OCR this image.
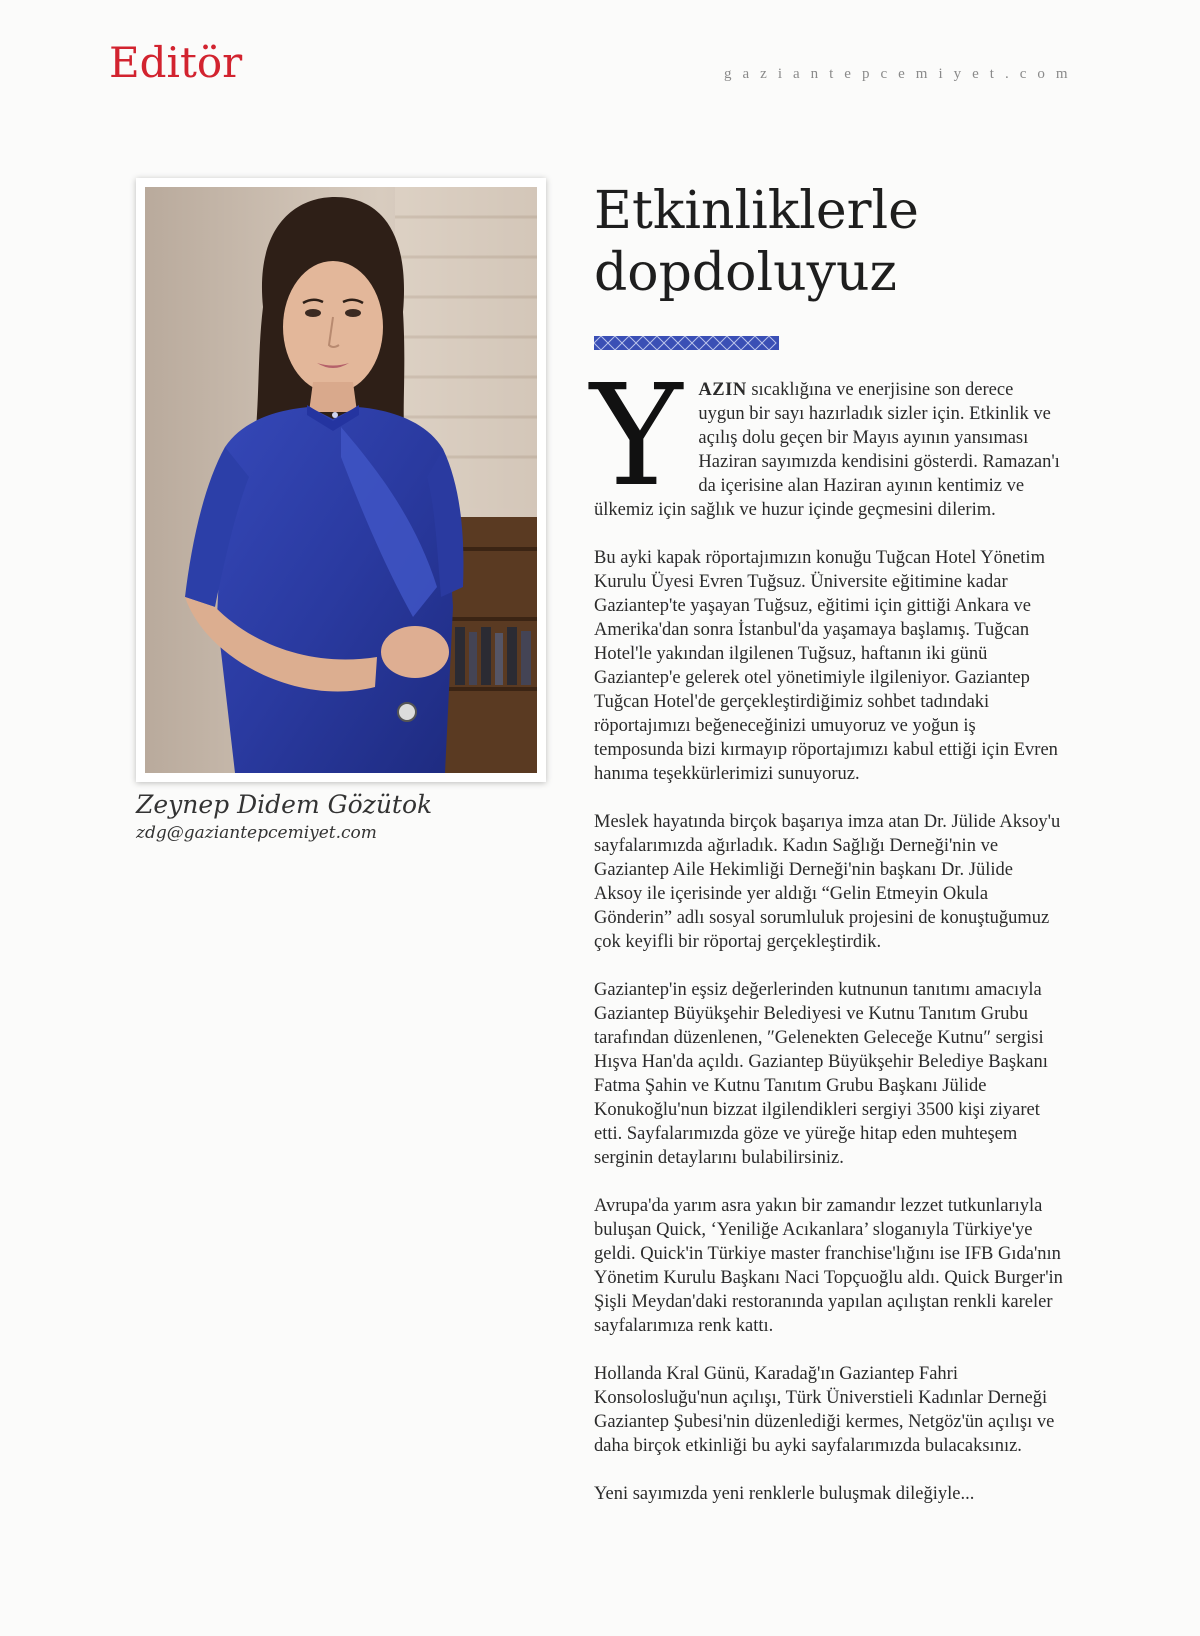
Editör	gaziantepcemiyet.com
Zeynep Didem Gözütok
zdg@gaziantepcemiyet.com
Etkinliklerle
dopdoluyuz

YAZIN sıcaklığına ve enerjisine son derece uygun bir sayı hazırladık sizler için. Etkinlik ve açılış dolu geçen bir Mayıs ayının yansıması Haziran sayımızda kendisini gösterdi. Ramazan'ı da içerisine alan Haziran ayının kentimiz ve ülkemiz için sağlık ve huzur içinde geçmesini dilerim.

Bu ayki kapak röportajımızın konuğu Tuğcan Hotel Yönetim Kurulu Üyesi Evren Tuğsuz. Üniversite eğitimine kadar Gaziantep'te yaşayan Tuğsuz, eğitimi için gittiği Ankara ve Amerika'dan sonra İstanbul'da yaşamaya başlamış. Tuğcan Hotel'le yakından ilgilenen Tuğsuz, haftanın iki günü Gaziantep'e gelerek otel yönetimiyle ilgileniyor. Gaziantep Tuğcan Hotel'de gerçekleştirdiğimiz sohbet tadındaki röportajımızı beğeneceğinizi umuyoruz ve yoğun iş temposunda bizi kırmayıp röportajımızı kabul ettiği için Evren hanıma teşekkürlerimizi sunuyoruz.

Meslek hayatında birçok başarıya imza atan Dr. Jülide Aksoy'u sayfalarımızda ağırladık. Kadın Sağlığı Derneği'nin ve Gaziantep Aile Hekimliği Derneği'nin başkanı Dr. Jülide Aksoy ile içerisinde yer aldığı “Gelin Etmeyin Okula Gönderin” adlı sosyal sorumluluk projesini de konuştuğumuz çok keyifli bir röportaj gerçekleştirdik.

Gaziantep'in eşsiz değerlerinden kutnunun tanıtımı amacıyla Gaziantep Büyükşehir Belediyesi ve Kutnu Tanıtım Grubu tarafından düzenlenen, ″Gelenekten Geleceğe Kutnu″ sergisi Hışva Han'da açıldı. Gaziantep Büyükşehir Belediye Başkanı Fatma Şahin ve Kutnu Tanıtım Grubu Başkanı Jülide Konukoğlu'nun bizzat ilgilendikleri sergiyi 3500 kişi ziyaret etti. Sayfalarımızda göze ve yüreğe hitap eden muhteşem serginin detaylarını bulabilirsiniz.

Avrupa'da yarım asra yakın bir zamandır lezzet tutkunlarıyla buluşan Quick, ‘Yeniliğe Acıkanlara’ sloganıyla Türkiye'ye geldi. Quick'in Türkiye master franchise'lığını ise IFB Gıda'nın Yönetim Kurulu Başkanı Naci Topçuoğlu aldı. Quick Burger'in Şişli Meydan'daki restoranında yapılan açılıştan renkli kareler sayfalarımıza renk kattı.

Hollanda Kral Günü, Karadağ'ın Gaziantep Fahri Konsolosluğu'nun açılışı, Türk Üniverstieli Kadınlar Derneği Gaziantep Şubesi'nin düzenlediği kermes, Netgöz'ün açılışı ve daha birçok etkinliği bu ayki sayfalarımızda bulacaksınız.

Yeni sayımızda yeni renklerle buluşmak dileğiyle...
